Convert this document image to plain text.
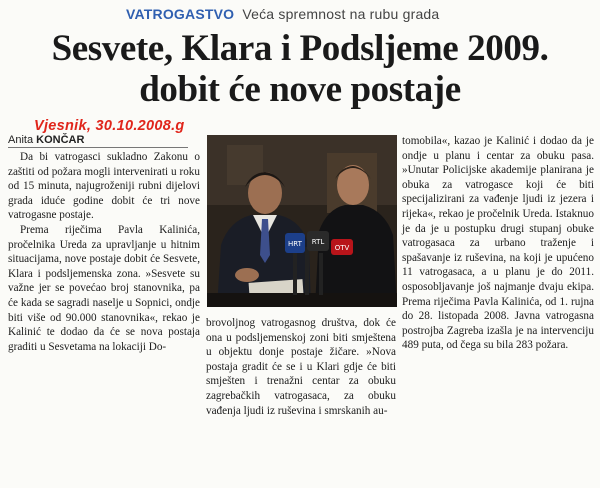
VATROGASTVO Veća spremnost na rubu grada
Sesvete, Klara i Podsljeme 2009.
dobit će nove postaje
Vjesnik, 30.10.2008.g
Anita KONČAR

Da bi vatrogasci sukladno Zakonu o zaštiti od požara mogli intervenirati u roku od 15 minuta, najugroženiji rubni dijelovi grada iduće godine dobit će tri nove vatrogasne postaje.

Prema riječima Pavla Kalinića, pročelnika Ureda za upravljanje u hitnim situacijama, nove postaje dobit će Sesvete, Klara i podsljemenska zona. »Sesvete su važne jer se povećao broj stanovnika, pa će kada se sagradi naselje u Sopnici, ondje biti više od 90.000 stanovnika«, rekao je Kalinić te dodao da će se nova postaja graditi u Sesvetama na lokaciji Do-

HRT RTL
OTV

brovoljnog vatrogasnog društva, dok će ona u podsljemenskoj zoni biti smještena u objektu donje postaje žičare. »Nova postaja gradit će se i u Klari gdje će biti smješten i trenažni centar za obuku zagrebačkih vatrogasaca, za obuku vađenja ljudi iz ruševina i smrskanih au-

tomobila«, kazao je Kalinić i dodao da je ondje u planu i centar za obuku pasa. »Unutar Policijske akademije planirana je obuka za vatrogasce koji će biti specijalizirani za vađenje ljudi iz jezera i rijeka«, rekao je pročelnik Ureda. Istaknuo je da je u postupku drugi stupanj obuke vatrogasaca za urbano traženje i spašavanje iz ruševina, na koji je upućeno 11 vatrogasaca, a u planu je do 2011. osposobljavanje još najmanje dvaju ekipa. Prema riječima Pavla Kalinića, od 1. rujna do 28. listopada 2008. Javna vatrogasna postrojba Zagreba izašla je na intervenciju 489 puta, od čega su bila 283 požara.
